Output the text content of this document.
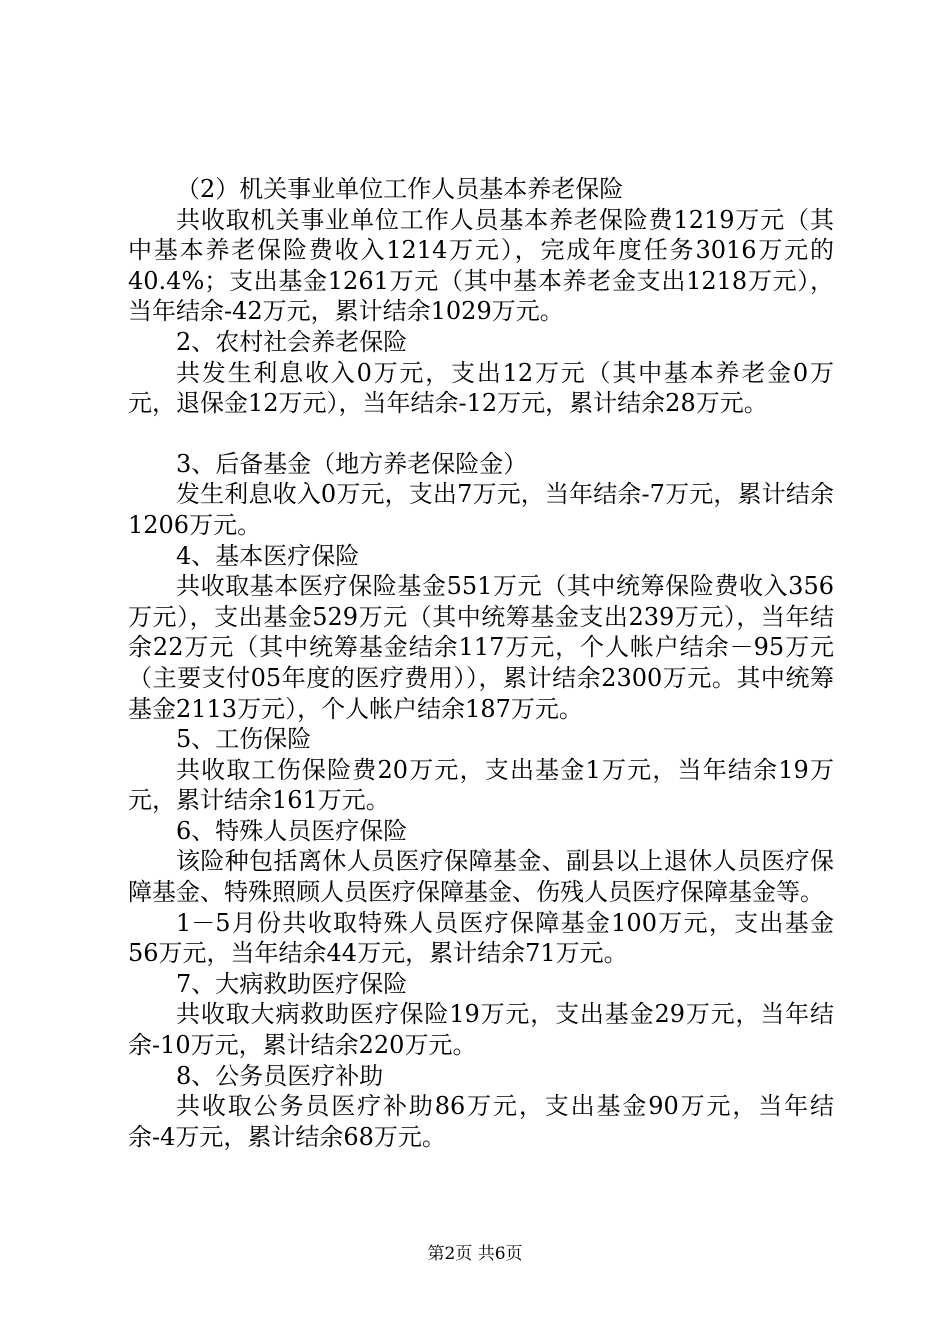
（2）机关事业单位工作人员基本养老保险

共收取机关事业单位工作人员基本养老保险费1219万元（其中基本养老保险费收入1214万元），完成年度任务3016万元的40.4%；支出基金1261万元（其中基本养老金支出1218万元），当年结余-42万元，累计结余1029万元。

2、农村社会养老保险

共发生利息收入0万元，支出12万元（其中基本养老金0万元，退保金12万元），当年结余-12万元，累计结余28万元。

3、后备基金（地方养老保险金）

发生利息收入0万元，支出7万元，当年结余-7万元，累计结余1206万元。

4、基本医疗保险

共收取基本医疗保险基金551万元（其中统筹保险费收入356万元），支出基金529万元（其中统筹基金支出239万元），当年结余22万元（其中统筹基金结余117万元，个人帐户结余－95万元（主要支付05年度的医疗费用）），累计结余2300万元。其中统筹基金2113万元），个人帐户结余187万元。

5、工伤保险

共收取工伤保险费20万元，支出基金1万元，当年结余19万元，累计结余161万元。

6、特殊人员医疗保险

该险种包括离休人员医疗保障基金、副县以上退休人员医疗保障基金、特殊照顾人员医疗保障基金、伤残人员医疗保障基金等。

1－5月份共收取特殊人员医疗保障基金100万元，支出基金56万元，当年结余44万元，累计结余71万元。

7、大病救助医疗保险

共收取大病救助医疗保险19万元，支出基金29万元，当年结余-10万元，累计结余220万元。

8、公务员医疗补助

共收取公务员医疗补助86万元，支出基金90万元，当年结余-4万元，累计结余68万元。

第2页 共6页
